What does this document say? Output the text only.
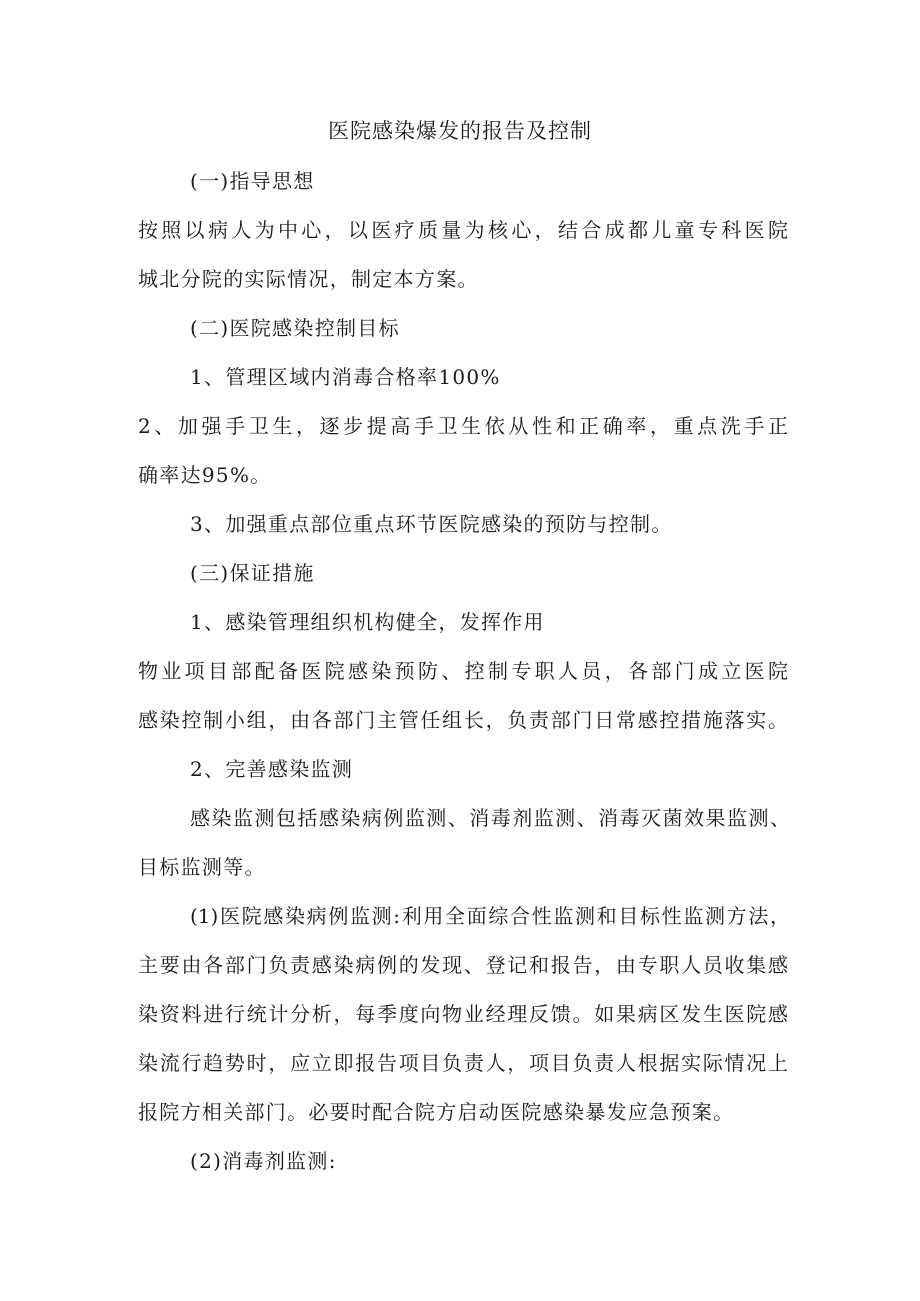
医院感染爆发的报告及控制
(一)指导思想
按照以病人为中心，以医疗质量为核心，结合成都儿童专科医院
城北分院的实际情况，制定本方案。
(二)医院感染控制目标
1、管理区域内消毒合格率100%
2、加强手卫生，逐步提高手卫生依从性和正确率，重点洗手正
确率达95%。
3、加强重点部位重点环节医院感染的预防与控制。
(三)保证措施
1、感染管理组织机构健全，发挥作用
物业项目部配备医院感染预防、控制专职人员，各部门成立医院
感染控制小组，由各部门主管任组长，负责部门日常感控措施落实。
2、完善感染监测
感染监测包括感染病例监测、消毒剂监测、消毒灭菌效果监测、
目标监测等。
(1)医院感染病例监测:利用全面综合性监测和目标性监测方法，
主要由各部门负责感染病例的发现、登记和报告，由专职人员收集感
染资料进行统计分析，每季度向物业经理反馈。如果病区发生医院感
染流行趋势时，应立即报告项目负责人，项目负责人根据实际情况上
报院方相关部门。必要时配合院方启动医院感染暴发应急预案。
(2)消毒剂监测:
